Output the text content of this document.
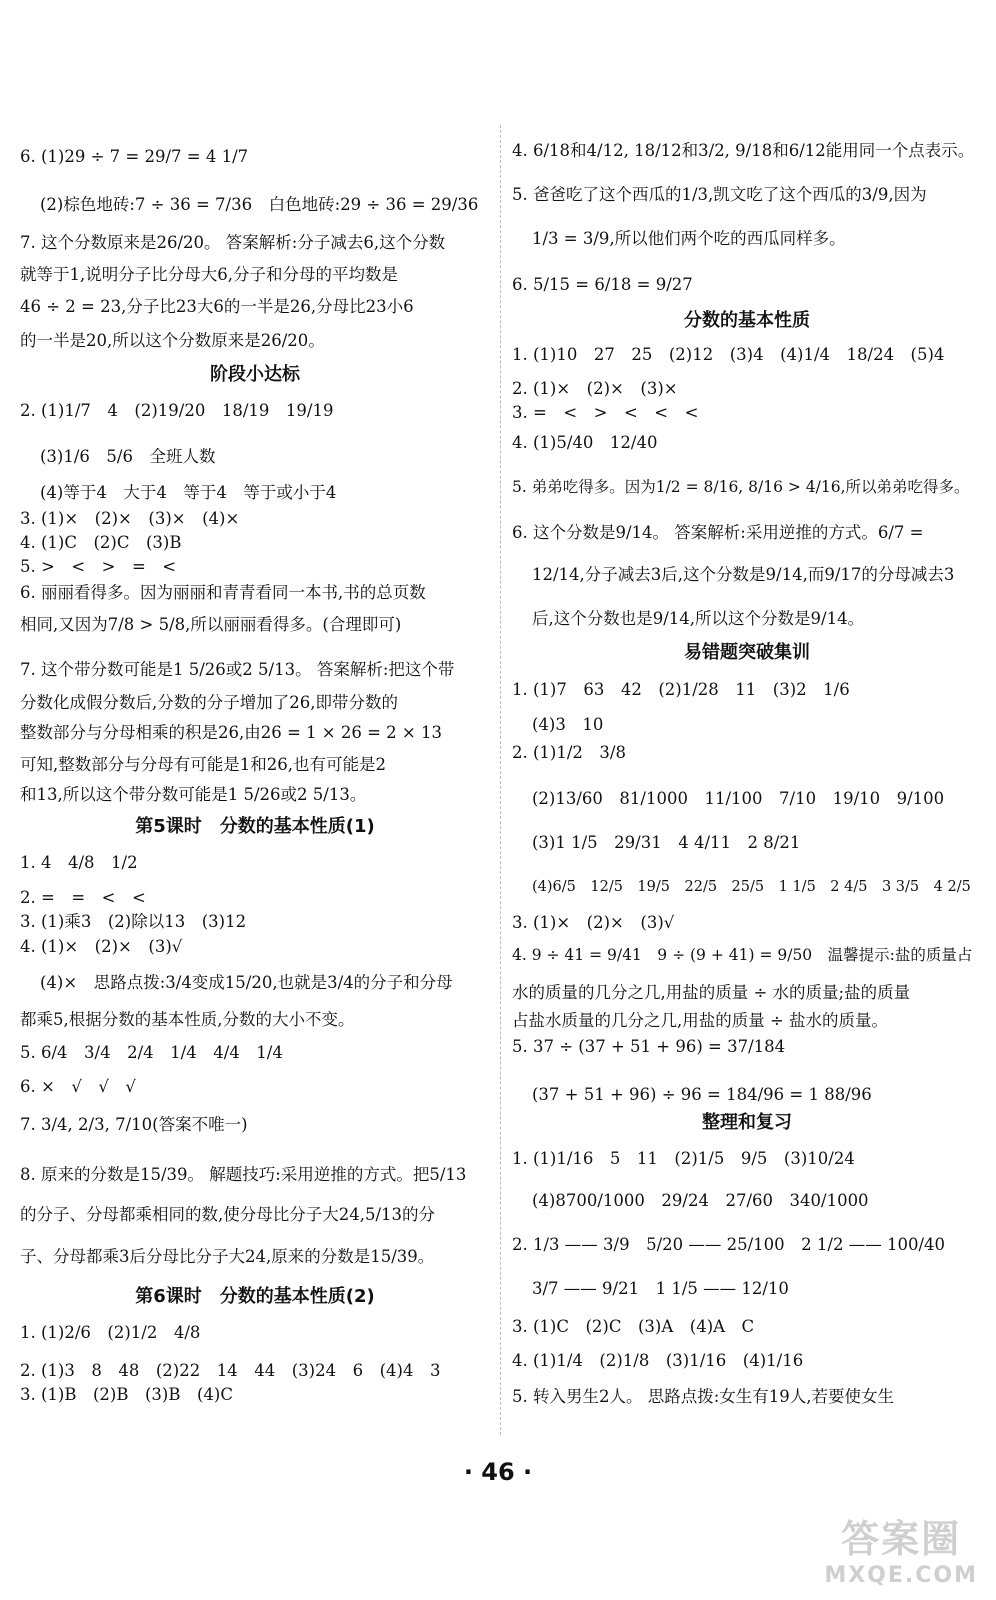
6. (1)29 ÷ 7 = 29/7 = 4 1/7
(2)棕色地砖:7 ÷ 36 = 7/36　白色地砖:29 ÷ 36 = 29/36
7. 这个分数原来是26/20。 答案解析:分子减去6,这个分数
就等于1,说明分子比分母大6,分子和分母的平均数是
46 ÷ 2 = 23,分子比23大6的一半是26,分母比23小6
的一半是20,所以这个分数原来是26/20。
阶段小达标
2. (1)1/7　4　(2)19/20　18/19　19/19
(3)1/6　5/6　全班人数
(4)等于4　大于4　等于4　等于或小于4
3. (1)×　(2)×　(3)×　(4)×
4. (1)C　(2)C　(3)B
5. >　<　>　=　<
6. 丽丽看得多。因为丽丽和青青看同一本书,书的总页数
相同,又因为7/8 > 5/8,所以丽丽看得多。(合理即可)
7. 这个带分数可能是1 5/26或2 5/13。 答案解析:把这个带
分数化成假分数后,分数的分子增加了26,即带分数的
整数部分与分母相乘的积是26,由26 = 1 × 26 = 2 × 13
可知,整数部分与分母有可能是1和26,也有可能是2
和13,所以这个带分数可能是1 5/26或2 5/13。
第5课时　分数的基本性质(1)
1. 4　4/8　1/2
2. =　=　<　<
3. (1)乘3　(2)除以13　(3)12
4. (1)×　(2)×　(3)√
(4)×　思路点拨:3/4变成15/20,也就是3/4的分子和分母
都乘5,根据分数的基本性质,分数的大小不变。
5. 6/4　3/4　2/4　1/4　4/4　1/4
6. ×　√　√　√
7. 3/4, 2/3, 7/10(答案不唯一)
8. 原来的分数是15/39。 解题技巧:采用逆推的方式。把5/13
的分子、分母都乘相同的数,使分母比分子大24,5/13的分
子、分母都乘3后分母比分子大24,原来的分数是15/39。
第6课时　分数的基本性质(2)
1. (1)2/6　(2)1/2　4/8
2. (1)3　8　48　(2)22　14　44　(3)24　6　(4)4　3
3. (1)B　(2)B　(3)B　(4)C
4. 6/18和4/12, 18/12和3/2, 9/18和6/12能用同一个点表示。
5. 爸爸吃了这个西瓜的1/3,凯文吃了这个西瓜的3/9,因为
1/3 = 3/9,所以他们两个吃的西瓜同样多。
6. 5/15 = 6/18 = 9/27
分数的基本性质
1. (1)10　27　25　(2)12　(3)4　(4)1/4　18/24　(5)4
2. (1)×　(2)×　(3)×
3. =　<　>　<　<　<
4. (1)5/40　12/40
5. 弟弟吃得多。因为1/2 = 8/16, 8/16 > 4/16,所以弟弟吃得多。
6. 这个分数是9/14。 答案解析:采用逆推的方式。6/7 =
12/14,分子减去3后,这个分数是9/14,而9/17的分母减去3
后,这个分数也是9/14,所以这个分数是9/14。
易错题突破集训
1. (1)7　63　42　(2)1/28　11　(3)2　1/6
(4)3　10
2. (1)1/2　3/8
(2)13/60　81/1000　11/100　7/10　19/10　9/100
(3)1 1/5　29/31　4 4/11　2 8/21
(4)6/5　12/5　19/5　22/5　25/5　1 1/5　2 4/5　3 3/5　4 2/5
3. (1)×　(2)×　(3)√
4. 9 ÷ 41 = 9/41　9 ÷ (9 + 41) = 9/50　温馨提示:盐的质量占
水的质量的几分之几,用盐的质量 ÷ 水的质量;盐的质量
占盐水质量的几分之几,用盐的质量 ÷ 盐水的质量。
5. 37 ÷ (37 + 51 + 96) = 37/184
(37 + 51 + 96) ÷ 96 = 184/96 = 1 88/96
整理和复习
1. (1)1/16　5　11　(2)1/5　9/5　(3)10/24
(4)8700/1000　29/24　27/60　340/1000
2. 1/3 —— 3/9　5/20 —— 25/100　2 1/2 —— 100/40
3/7 —— 9/21　1 1/5 —— 12/10
3. (1)C　(2)C　(3)A　(4)A　C
4. (1)1/4　(2)1/8　(3)1/16　(4)1/16
5. 转入男生2人。 思路点拨:女生有19人,若要使女生
· 46 ·
答案圈
MXQE.COM
